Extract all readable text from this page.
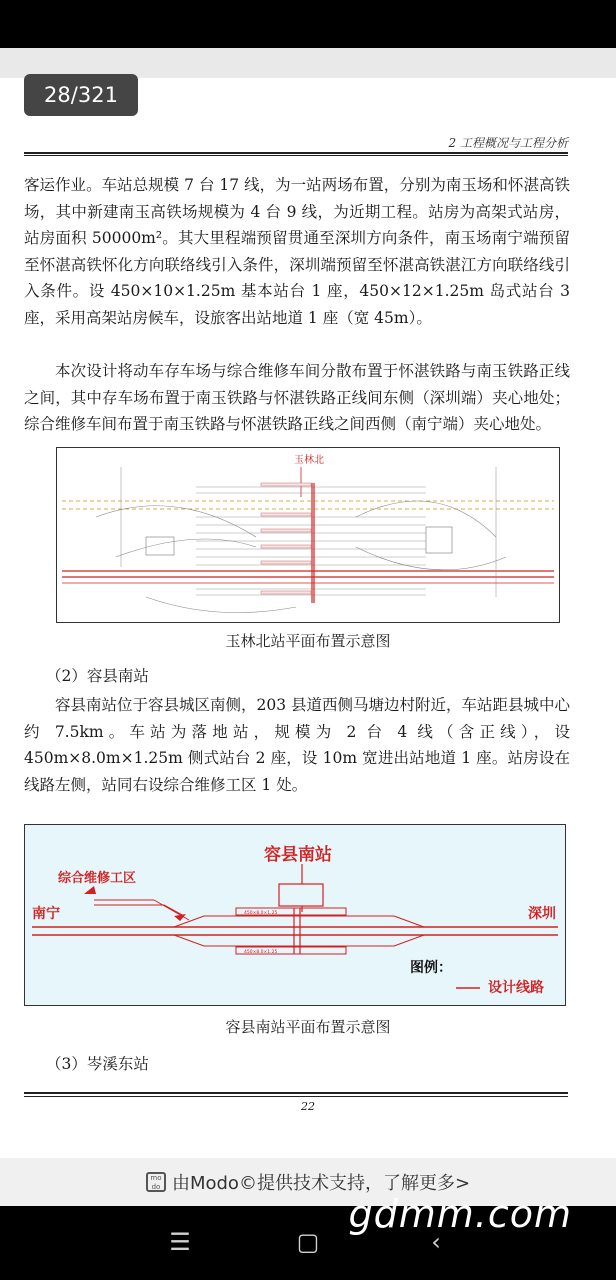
28/321
2 工程概况与工程分析

客运作业。车站总规模 7 台 17 线，为一站两场布置，分别为南玉场和怀湛高铁场，其中新建南玉高铁场规模为 4 台 9 线，为近期工程。站房为高架式站房，站房面积 50000m²。其大里程端预留贯通至深圳方向条件，南玉场南宁端预留至怀湛高铁怀化方向联络线引入条件，深圳端预留至怀湛高铁湛江方向联络线引入条件。设 450×10×1.25m 基本站台 1 座，450×12×1.25m 岛式站台 3 座，采用高架站房候车，设旅客出站地道 1 座（宽 45m）。

本次设计将动车存车场与综合维修车间分散布置于怀湛铁路与南玉铁路正线之间，其中存车场布置于南玉铁路与怀湛铁路正线间东侧（深圳端）夹心地处；综合维修车间布置于南玉铁路与怀湛铁路正线之间西侧（南宁端）夹心地处。

玉林北
玉林北站平面布置示意图
（2）容县南站

容县南站位于容县城区南侧，203 县道西侧马塘边村附近，车站距县城中心约 7.5km。车站为落地站，规模为 2 台 4 线（含正线），设 450m×8.0m×1.25m 侧式站台 2 座，设 10m 宽进出站地道 1 座。站房设在线路左侧，站同右设综合维修工区 1 处。

容县南站
综合维修工区
南宁	深圳
450×8.0×1.25
450×8.0×1.25
图例：
设计线路
容县南站平面布置示意图
（3）岑溪东站
22
mo do 由Modo©提供技术支持，了解更多>
☰	▢	‹
gdmm.com
